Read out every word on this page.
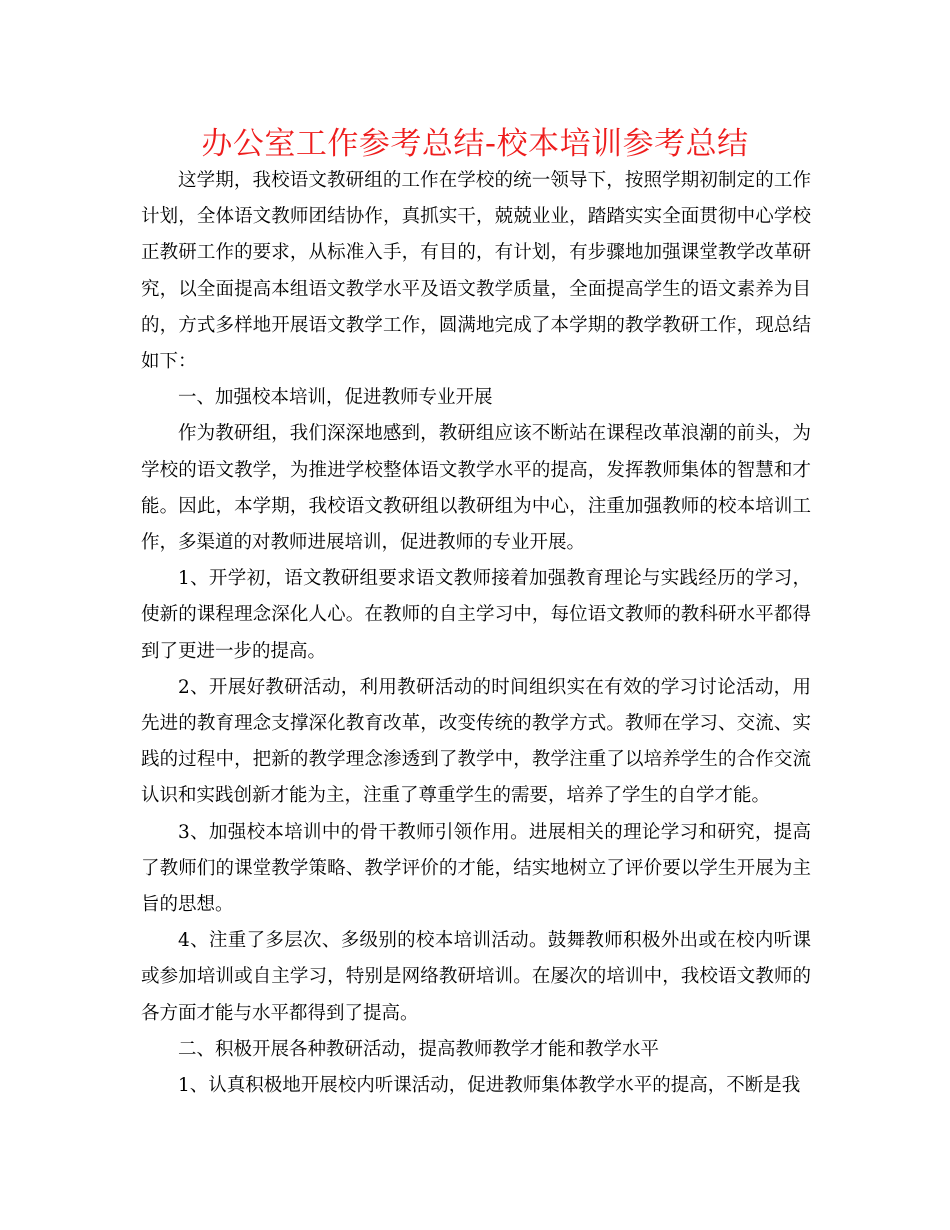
办公室工作参考总结-校本培训参考总结

这学期，我校语文教研组的工作在学校的统一领导下，按照学期初制定的工作计划，全体语文教师团结协作，真抓实干，兢兢业业，踏踏实实全面贯彻中心学校正教研工作的要求，从标准入手，有目的，有计划，有步骤地加强课堂教学改革研究，以全面提高本组语文教学水平及语文教学质量，全面提高学生的语文素养为目的，方式多样地开展语文教学工作，圆满地完成了本学期的教学教研工作，现总结如下：

一、加强校本培训，促进教师专业开展

作为教研组，我们深深地感到，教研组应该不断站在课程改革浪潮的前头，为学校的语文教学，为推进学校整体语文教学水平的提高，发挥教师集体的智慧和才能。因此，本学期，我校语文教研组以教研组为中心，注重加强教师的校本培训工作，多渠道的对教师进展培训，促进教师的专业开展。

1、开学初，语文教研组要求语文教师接着加强教育理论与实践经历的学习，使新的课程理念深化人心。在教师的自主学习中，每位语文教师的教科研水平都得到了更进一步的提高。

2、开展好教研活动，利用教研活动的时间组织实在有效的学习讨论活动，用先进的教育理念支撑深化教育改革，改变传统的教学方式。教师在学习、交流、实践的过程中，把新的教学理念渗透到了教学中，教学注重了以培养学生的合作交流认识和实践创新才能为主，注重了尊重学生的需要，培养了学生的自学才能。

3、加强校本培训中的骨干教师引领作用。进展相关的理论学习和研究，提高了教师们的课堂教学策略、教学评价的才能，结实地树立了评价要以学生开展为主旨的思想。

4、注重了多层次、多级别的校本培训活动。鼓舞教师积极外出或在校内听课或参加培训或自主学习，特别是网络教研培训。在屡次的培训中，我校语文教师的各方面才能与水平都得到了提高。

二、积极开展各种教研活动，提高教师教学才能和教学水平

1、认真积极地开展校内听课活动，促进教师集体教学水平的提高，不断是我
